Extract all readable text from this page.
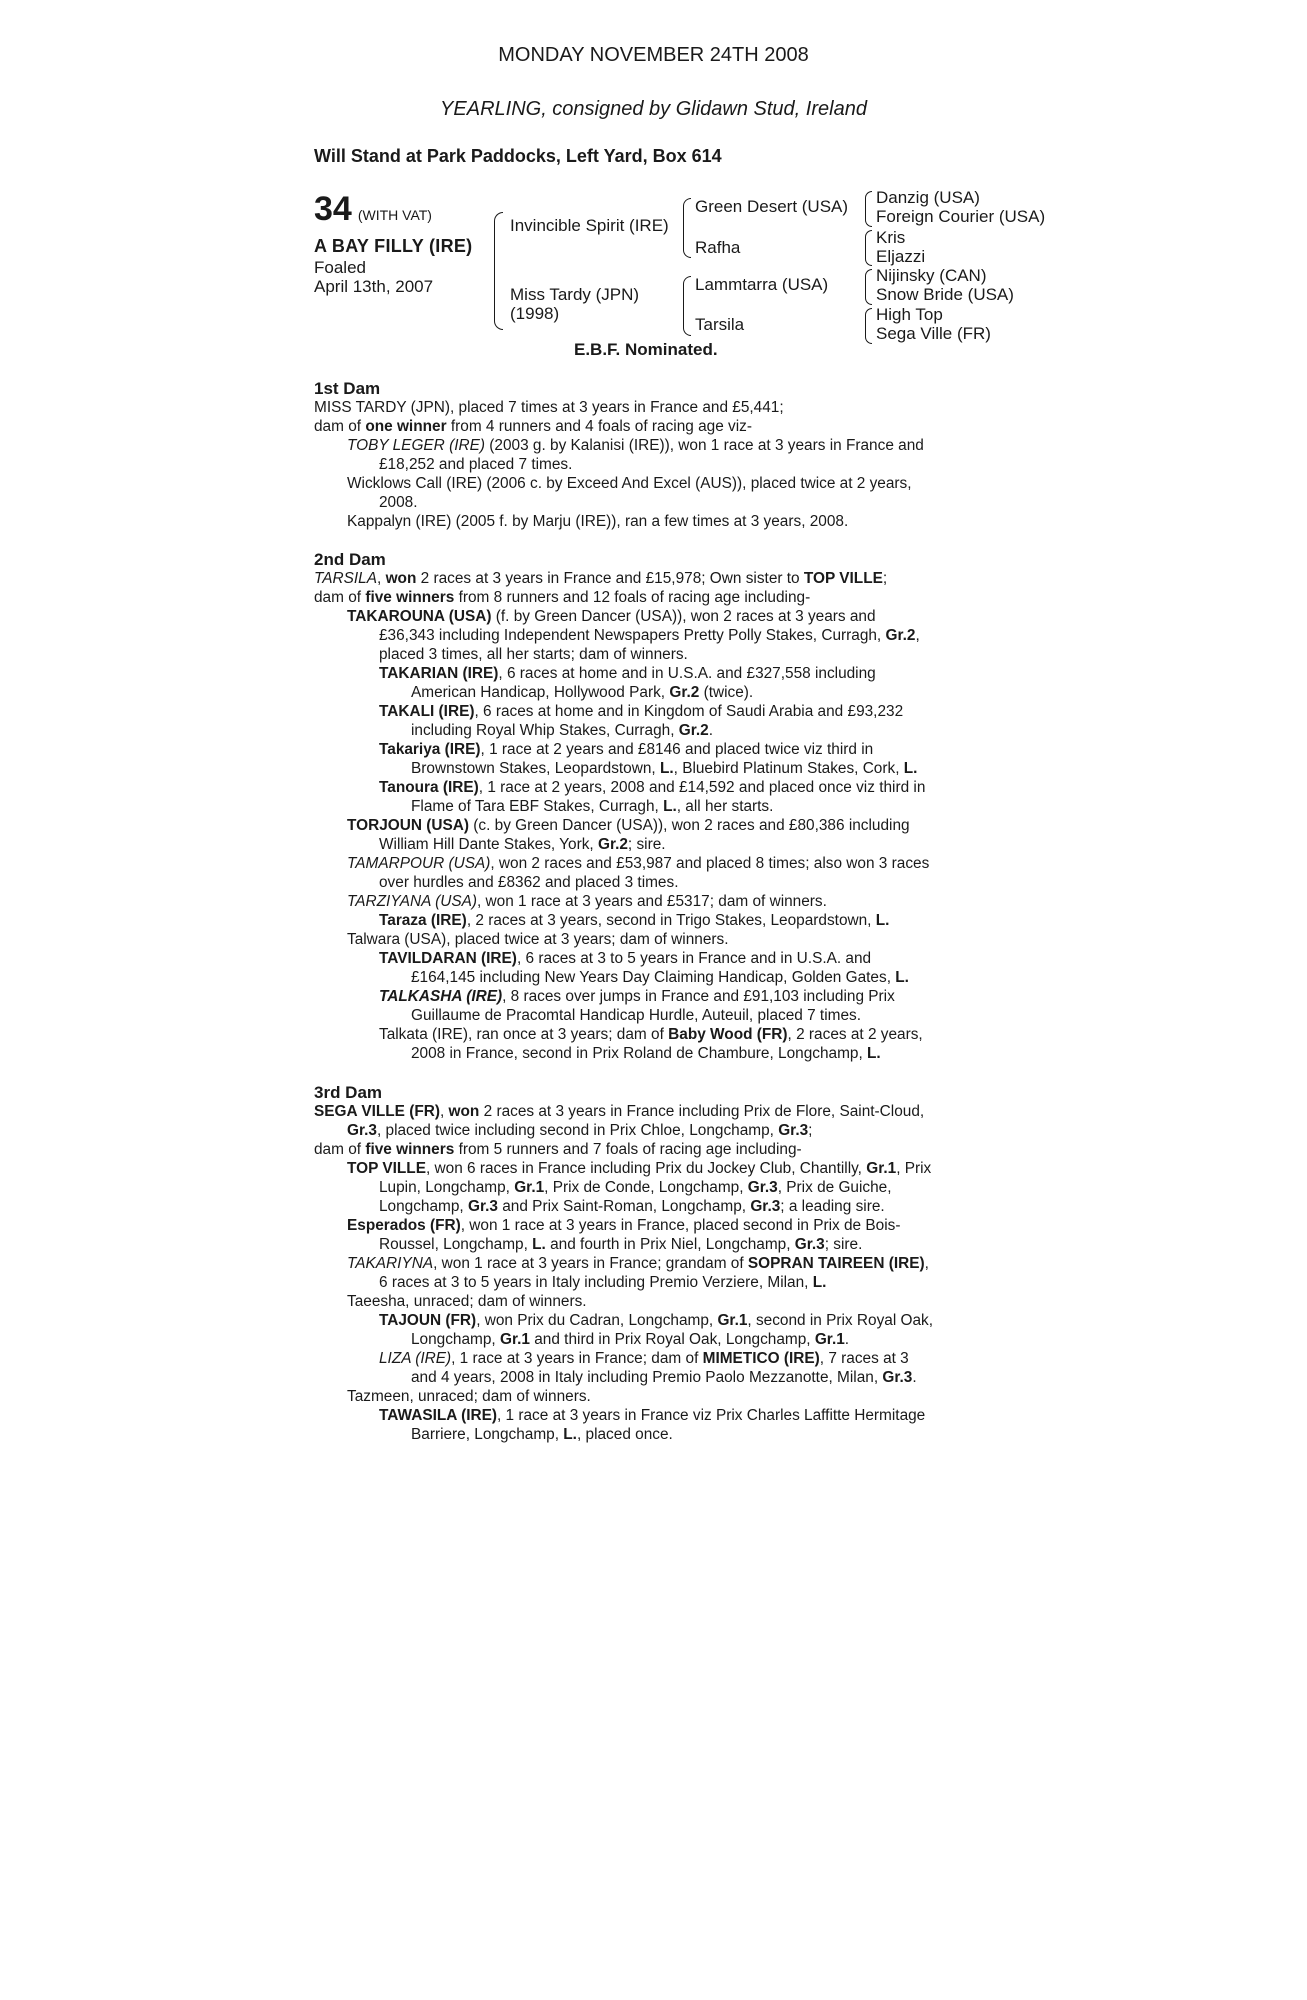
MONDAY NOVEMBER 24TH 2008
YEARLING, consigned by Glidawn Stud, Ireland
Will Stand at Park Paddocks, Left Yard, Box 614
34 (WITH VAT)
A BAY FILLY (IRE)
Foaled
April 13th, 2007
Invincible Spirit (IRE)
Miss Tardy (JPN)
(1998)
Green Desert (USA)
Rafha
Lammtarra (USA)
Tarsila
Danzig (USA)
Foreign Courier (USA)
Kris
Eljazzi
Nijinsky (CAN)
Snow Bride (USA)
High Top
Sega Ville (FR)
E.B.F. Nominated.
1st Dam
MISS TARDY (JPN), placed 7 times at 3 years in France and £5,441;
dam of one winner from 4 runners and 4 foals of racing age viz-
TOBY LEGER (IRE) (2003 g. by Kalanisi (IRE)), won 1 race at 3 years in France and
£18,252 and placed 7 times.
Wicklows Call (IRE) (2006 c. by Exceed And Excel (AUS)), placed twice at 2 years,
2008.
Kappalyn (IRE) (2005 f. by Marju (IRE)), ran a few times at 3 years, 2008.
2nd Dam
TARSILA, won 2 races at 3 years in France and £15,978; Own sister to TOP VILLE;
dam of five winners from 8 runners and 12 foals of racing age including-
TAKAROUNA (USA) (f. by Green Dancer (USA)), won 2 races at 3 years and
£36,343 including Independent Newspapers Pretty Polly Stakes, Curragh, Gr.2,
placed 3 times, all her starts; dam of winners.
TAKARIAN (IRE), 6 races at home and in U.S.A. and £327,558 including
American Handicap, Hollywood Park, Gr.2 (twice).
TAKALI (IRE), 6 races at home and in Kingdom of Saudi Arabia and £93,232
including Royal Whip Stakes, Curragh, Gr.2.
Takariya (IRE), 1 race at 2 years and £8146 and placed twice viz third in
Brownstown Stakes, Leopardstown, L., Bluebird Platinum Stakes, Cork, L.
Tanoura (IRE), 1 race at 2 years, 2008 and £14,592 and placed once viz third in
Flame of Tara EBF Stakes, Curragh, L., all her starts.
TORJOUN (USA) (c. by Green Dancer (USA)), won 2 races and £80,386 including
William Hill Dante Stakes, York, Gr.2; sire.
TAMARPOUR (USA), won 2 races and £53,987 and placed 8 times; also won 3 races
over hurdles and £8362 and placed 3 times.
TARZIYANA (USA), won 1 race at 3 years and £5317; dam of winners.
Taraza (IRE), 2 races at 3 years, second in Trigo Stakes, Leopardstown, L.
Talwara (USA), placed twice at 3 years; dam of winners.
TAVILDARAN (IRE), 6 races at 3 to 5 years in France and in U.S.A. and
£164,145 including New Years Day Claiming Handicap, Golden Gates, L.
TALKASHA (IRE), 8 races over jumps in France and £91,103 including Prix
Guillaume de Pracomtal Handicap Hurdle, Auteuil, placed 7 times.
Talkata (IRE), ran once at 3 years; dam of Baby Wood (FR), 2 races at 2 years,
2008 in France, second in Prix Roland de Chambure, Longchamp, L.
3rd Dam
SEGA VILLE (FR), won 2 races at 3 years in France including Prix de Flore, Saint-Cloud,
Gr.3, placed twice including second in Prix Chloe, Longchamp, Gr.3;
dam of five winners from 5 runners and 7 foals of racing age including-
TOP VILLE, won 6 races in France including Prix du Jockey Club, Chantilly, Gr.1, Prix
Lupin, Longchamp, Gr.1, Prix de Conde, Longchamp, Gr.3, Prix de Guiche,
Longchamp, Gr.3 and Prix Saint-Roman, Longchamp, Gr.3; a leading sire.
Esperados (FR), won 1 race at 3 years in France, placed second in Prix de Bois-
Roussel, Longchamp, L. and fourth in Prix Niel, Longchamp, Gr.3; sire.
TAKARIYNA, won 1 race at 3 years in France; grandam of SOPRAN TAIREEN (IRE),
6 races at 3 to 5 years in Italy including Premio Verziere, Milan, L.
Taeesha, unraced; dam of winners.
TAJOUN (FR), won Prix du Cadran, Longchamp, Gr.1, second in Prix Royal Oak,
Longchamp, Gr.1 and third in Prix Royal Oak, Longchamp, Gr.1.
LIZA (IRE), 1 race at 3 years in France; dam of MIMETICO (IRE), 7 races at 3
and 4 years, 2008 in Italy including Premio Paolo Mezzanotte, Milan, Gr.3.
Tazmeen, unraced; dam of winners.
TAWASILA (IRE), 1 race at 3 years in France viz Prix Charles Laffitte Hermitage
Barriere, Longchamp, L., placed once.
